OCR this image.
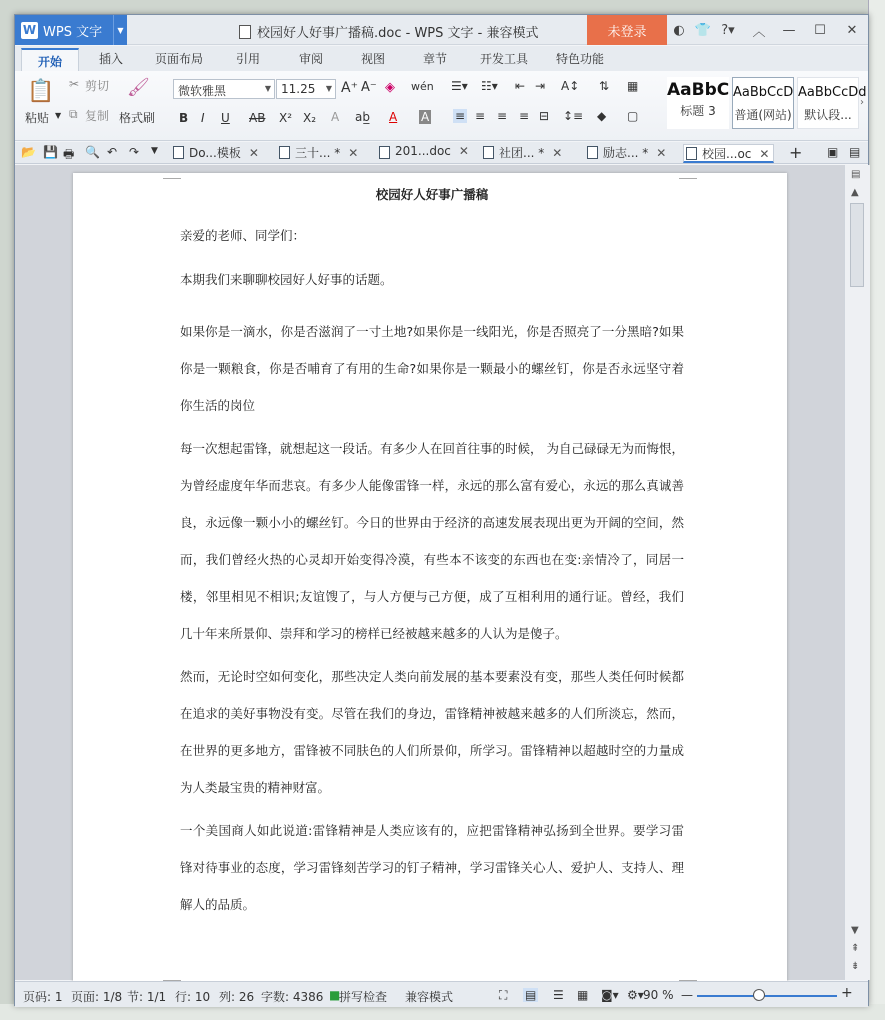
W WPS 文字	▼	校园好人好事广播稿.doc - WPS 文字 - 兼容模式	未登录	◐ 👕 ?▾	︿ — ☐ ✕
开始	插入	页面布局	引用	审阅	视图	章节	开发工具 特色功能
📋
粘贴 ▼
✂ 剪切
⧉ 复制
🖌
格式刷
微软雅黑	▼ 11.25 ▼ A⁺ A⁻ ◈ wén
B I U AB X² X₂ A ab̲ A A
☰▾ ☷▾ ⇤ ⇥ A↕ ⇅ ▦
≡ ≡ ≡ ≡ ⊟ ↕≡ ◆ ▢
AaBbC
标题 3
AaBbCcD
普通(网站)
AaBbCcDd
默认段...
›
📂 💾 🖶 🔍 ↶ ↷ ▼	Do...模板 ✕	三十... * ✕	201...doc ✕	社团... * ✕	励志... * ✕	校园...oc ✕	+ ▣ ▤
校园好人好事广播稿

亲爱的老师、同学们：

本期我们来聊聊校园好人好事的话题。

如果你是一滴水，你是否滋润了一寸土地?如果你是一线阳光，你是否照亮了一分黑暗?如果你是一颗粮食，你是否哺育了有用的生命?如果你是一颗最小的螺丝钉，你是否永远坚守着你生活的岗位

每一次想起雷锋，就想起这一段话。有多少人在回首往事的时候， 为自己碌碌无为而悔恨，为曾经虚度年华而悲哀。有多少人能像雷锋一样，永远的那么富有爱心，永远的那么真诚善良，永远像一颗小小的螺丝钉。今日的世界由于经济的高速发展表现出更为开阔的空间，然而，我们曾经火热的心灵却开始变得冷漠，有些本不该变的东西也在变:亲情冷了，同居一楼，邻里相见不相识;友谊馊了，与人方便与己方便，成了互相利用的通行证。曾经，我们几十年来所景仰、崇拜和学习的榜样已经被越来越多的人认为是傻子。

然而，无论时空如何变化，那些决定人类向前发展的基本要素没有变，那些人类任何时候都在追求的美好事物没有变。尽管在我们的身边，雷锋精神被越来越多的人们所淡忘，然而，在世界的更多地方，雷锋被不同肤色的人们所景仰，所学习。雷锋精神以超越时空的力量成为人类最宝贵的精神财富。

一个美国商人如此说道:雷锋精神是人类应该有的，应把雷锋精神弘扬到全世界。要学习雷锋对待事业的态度，学习雷锋刻苦学习的钉子精神，学习雷锋关心人、爱护人、支持人、理解人的品质。

▤
▲
▼
⇞
⇟
页码: 1 页面: 1/8 节: 1/1 行: 10 列: 26 字数: 4386 ■
拼写检查 兼容模式	⛶ ▤ ☰ ▦ ◙▾ ⚙▾ 90 % —	+
